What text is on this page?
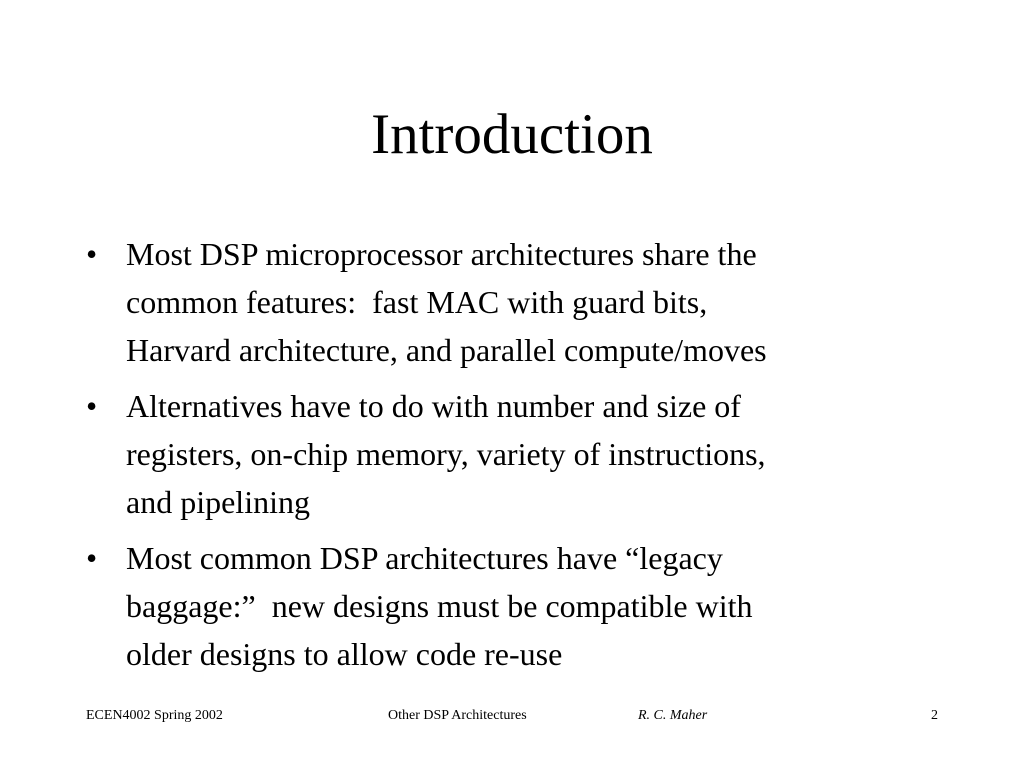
Introduction
• Most DSP microprocessor architectures share the
common features:  fast MAC with guard bits,
Harvard architecture, and parallel compute/moves
• Alternatives have to do with number and size of
registers, on-chip memory, variety of instructions,
and pipelining
• Most common DSP architectures have “legacy
baggage:”  new designs must be compatible with
older designs to allow code re-use
ECEN4002 Spring 2002	Other DSP Architectures	R. C. Maher	2
